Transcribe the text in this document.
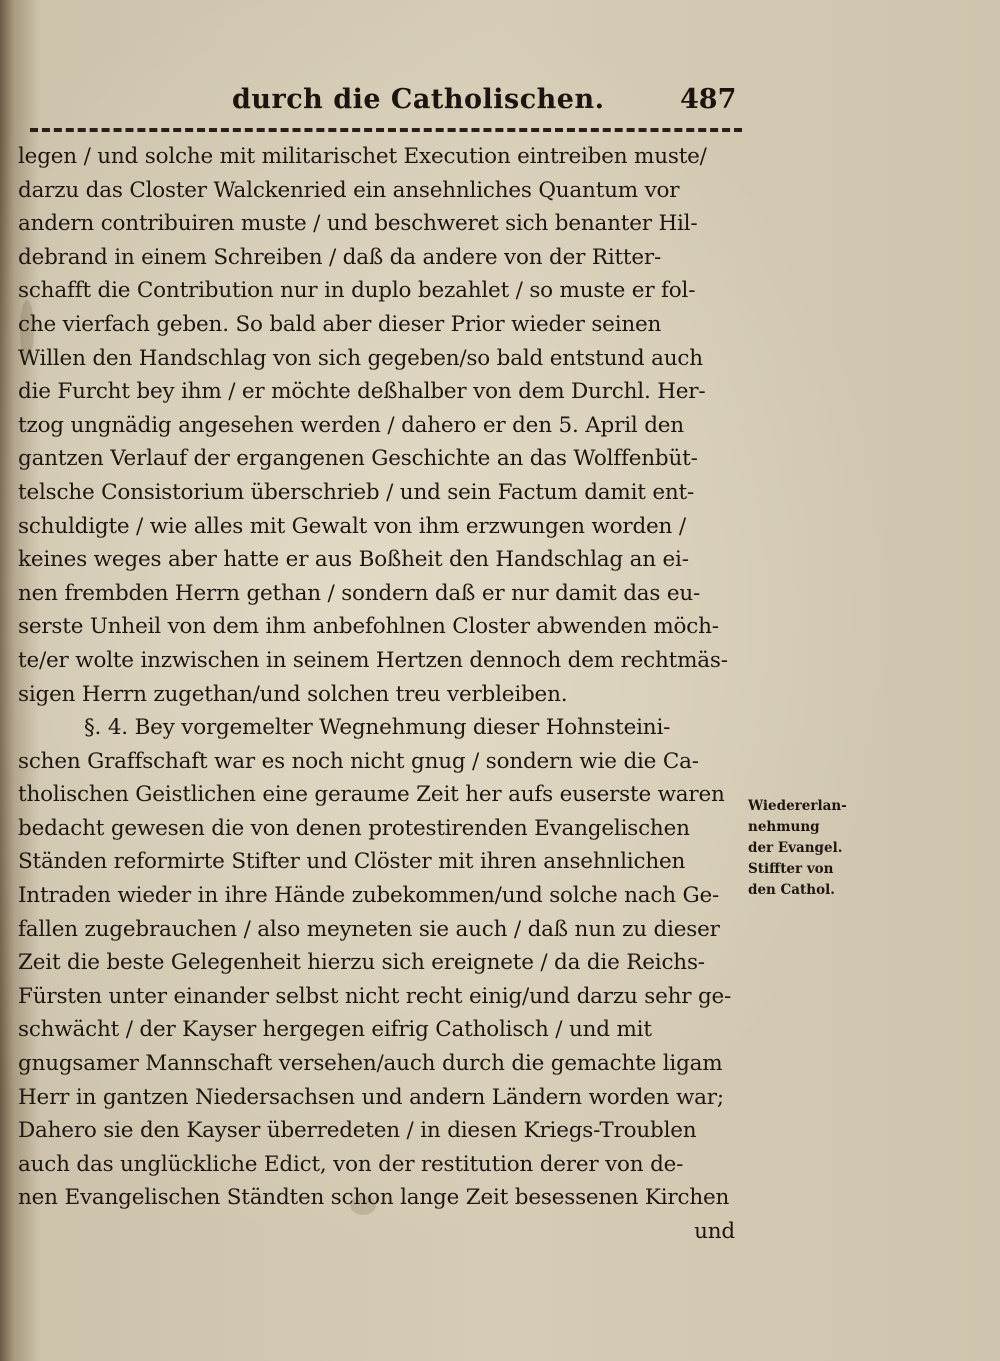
durch die Catholischen.	487
legen / und solche mit militarischet Execution eintreiben muste/
darzu das Closter Walckenried ein ansehnliches Quantum vor
andern contribuiren muste / und beschweret sich benanter Hil-
debrand in einem Schreiben / daß da andere von der Ritter-
schafft die Contribution nur in duplo bezahlet / so muste er fol-
che vierfach geben. So bald aber dieser Prior wieder seinen
Willen den Handschlag von sich gegeben/so bald entstund auch
die Furcht bey ihm / er möchte deßhalber von dem Durchl. Her-
tzog ungnädig angesehen werden / dahero er den 5. April den
gantzen Verlauf der ergangenen Geschichte an das Wolffenbüt-
telsche Consistorium überschrieb / und sein Factum damit ent-
schuldigte / wie alles mit Gewalt von ihm erzwungen worden /
keines weges aber hatte er aus Boßheit den Handschlag an ei-
nen frembden Herrn gethan / sondern daß er nur damit das eu-
serste Unheil von dem ihm anbefohlnen Closter abwenden möch-
te/er wolte inzwischen in seinem Hertzen dennoch dem rechtmäs-
sigen Herrn zugethan/und solchen treu verbleiben.
§. 4. Bey vorgemelter Wegnehmung dieser Hohnsteini-
schen Graffschaft war es noch nicht gnug / sondern wie die Ca-
tholischen Geistlichen eine geraume Zeit her aufs euserste waren
bedacht gewesen die von denen protestirenden Evangelischen
Ständen reformirte Stifter und Clöster mit ihren ansehnlichen
Intraden wieder in ihre Hände zubekommen/und solche nach Ge-
fallen zugebrauchen / also meyneten sie auch / daß nun zu dieser
Zeit die beste Gelegenheit hierzu sich ereignete / da die Reichs-
Fürsten unter einander selbst nicht recht einig/und darzu sehr ge-
schwächt / der Kayser hergegen eifrig Catholisch / und mit
gnugsamer Mannschaft versehen/auch durch die gemachte ligam
Herr in gantzen Niedersachsen und andern Ländern worden war;
Dahero sie den Kayser überredeten / in diesen Kriegs-Troublen
auch das unglückliche Edict, von der restitution derer von de-
nen Evangelischen Ständten schon lange Zeit besessenen Kirchen
und
Wiedererlan-
nehmung
der Evangel.
Stiffter von
den Cathol.
